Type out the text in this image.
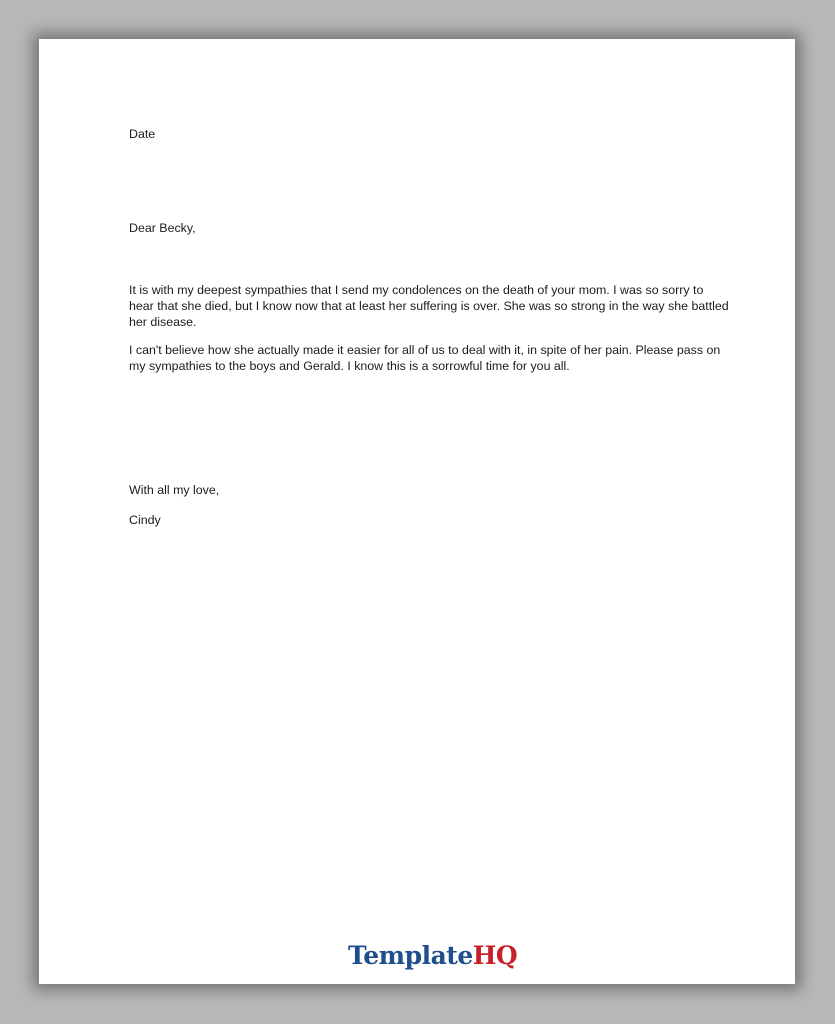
Date
Dear Becky,
It is with my deepest sympathies that I send my condolences on the death of your mom. I was so sorry to hear that she died, but I know now that at least her suffering is over. She was so strong in the way she battled her disease.
I can't believe how she actually made it easier for all of us to deal with it, in spite of her pain. Please pass on my sympathies to the boys and Gerald. I know this is a sorrowful time for you all.
With all my love,
Cindy
TemplateHQ
